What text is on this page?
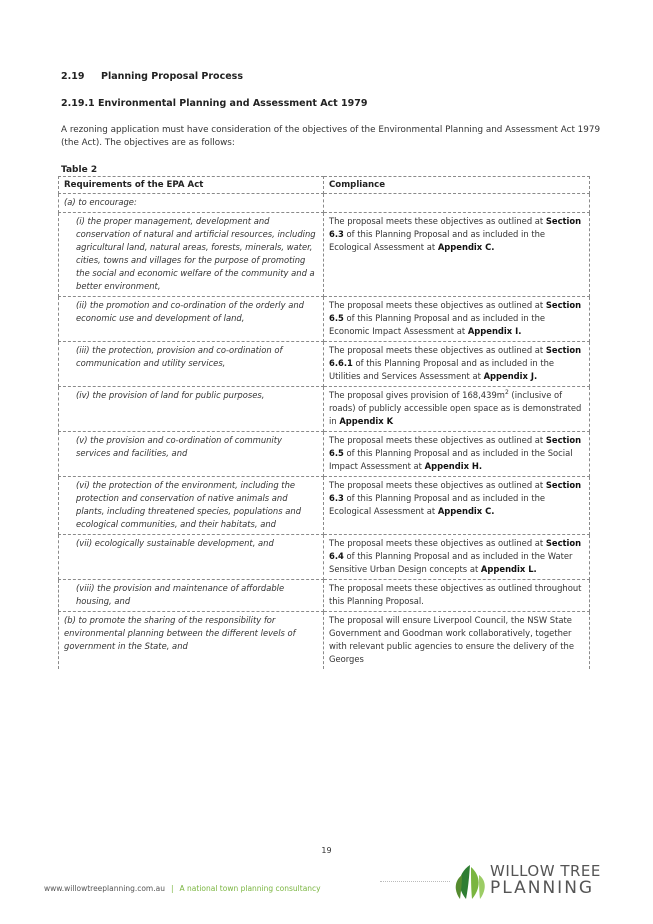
2.19 Planning Proposal Process

2.19.1 Environmental Planning and Assessment Act 1979

A rezoning application must have consideration of the objectives of the Environmental Planning and Assessment Act 1979 (the Act). The objectives are as follows:

Table 2

Requirements of the EPA Act	Compliance

(a) to encourage:	

(i) the proper management, development and conservation of natural and artificial resources, including agricultural land, natural areas, forests, minerals, water, cities, towns and villages for the purpose of promoting the social and economic welfare of the community and a better environment,	The proposal meets these objectives as outlined at Section 6.3 of this Planning Proposal and as included in the Ecological Assessment at Appendix C.

(ii) the promotion and co-ordination of the orderly and economic use and development of land,	The proposal meets these objectives as outlined at Section 6.5 of this Planning Proposal and as included in the Economic Impact Assessment at Appendix I.

(iii) the protection, provision and co-ordination of communication and utility services,	The proposal meets these objectives as outlined at Section 6.6.1 of this Planning Proposal and as included in the Utilities and Services Assessment at Appendix J.

(iv) the provision of land for public purposes,	The proposal gives provision of $168,439m^2$ (inclusive of roads) of publicly accessible open space as is demonstrated in Appendix K

(v) the provision and co-ordination of community services and facilities, and	The proposal meets these objectives as outlined at Section 6.5 of this Planning Proposal and as included in the Social Impact Assessment at Appendix H.

(vi) the protection of the environment, including the protection and conservation of native animals and plants, including threatened species, populations and ecological communities, and their habitats, and	The proposal meets these objectives as outlined at Section 6.3 of this Planning Proposal and as included in the Ecological Assessment at Appendix C.

(vii) ecologically sustainable development, and	The proposal meets these objectives as outlined at Section 6.4 of this Planning Proposal and as included in the Water Sensitive Urban Design concepts at Appendix L.

(viii) the provision and maintenance of affordable housing, and	The proposal meets these objectives as outlined throughout this Planning Proposal.

(b) to promote the sharing of the responsibility for environmental planning between the different levels of government in the State, and	The proposal will ensure Liverpool Council, the NSW State Government and Goodman work collaboratively, together with relevant public agencies to ensure the delivery of the Georges

19

www.willowtreeplanning.com.au | A national town planning consultancy
WILLOW TREE
PLANNING
